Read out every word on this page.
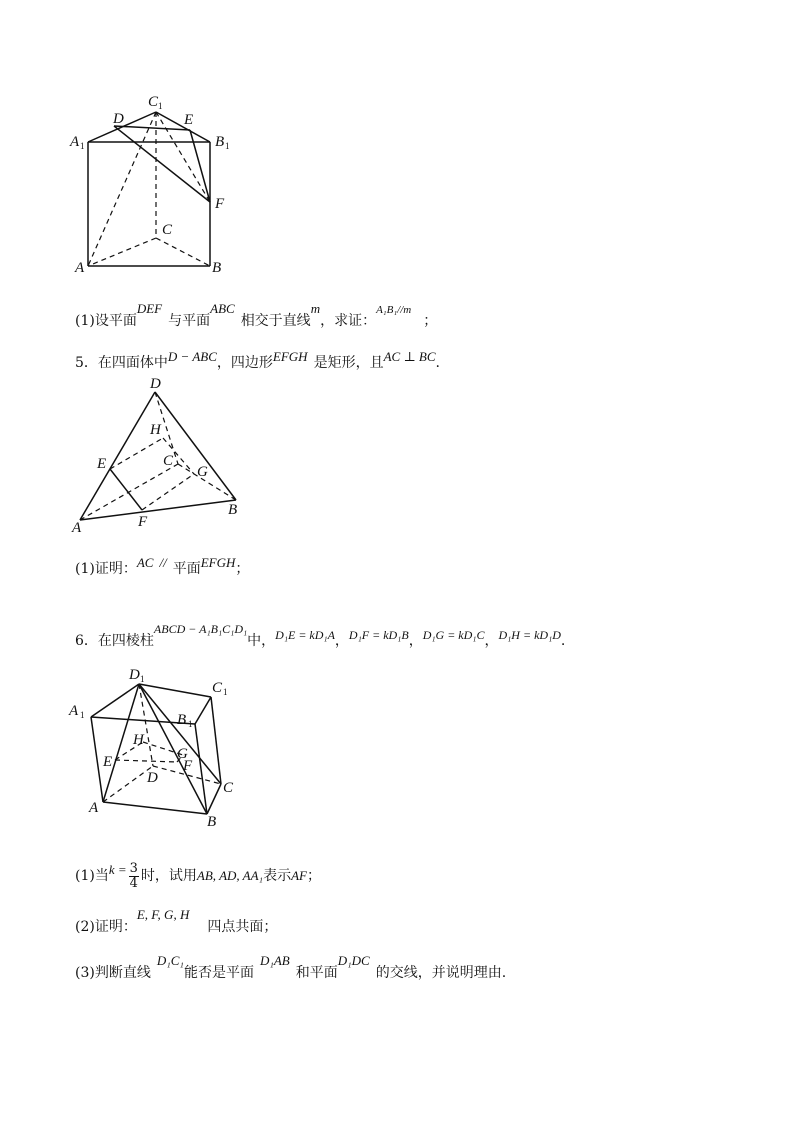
C 1
D	E
A 1	B 1
F
C
A	B
(1)设平面DEF与平面ABC相交于直线m，求证：$^{A_1B_1//m}$；
5．在四面体中D − ABC，四边形EFGH 是矩形，且AC ⊥ BC.
D
H
E	C
G
A	F
B
(1)证明：AC // 平面EFGH；
6．在四棱柱ABCD − A₁B₁C₁D₁中，D₁E = kD₁A，D₁F = kD₁B，D₁G = kD₁C，D₁H = kD₁D.
D 1
C 1
A 1	B 1
H
G
E	F
D
C
A
B
(1)当$k = \frac{3}{4}$ 时，试用AB, AD, AA₁表示AF；
(2)证明：E, F, G, H四点共面；
(3)判断直线D₁C₁能否是平面D₁AB和平面D₁DC的交线，并说明理由.
